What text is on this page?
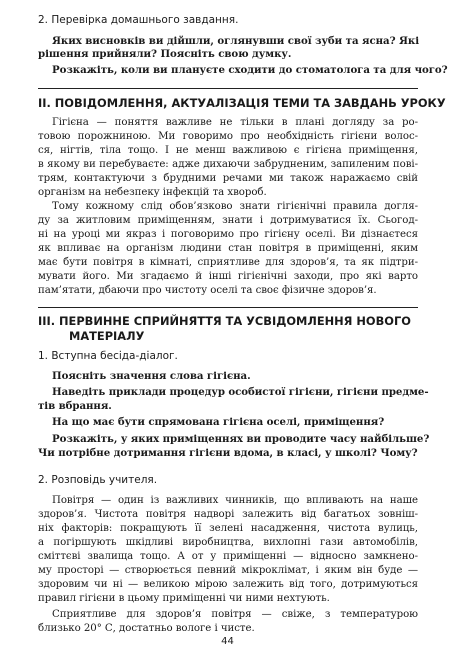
2. Перевірка домашнього завдання.
Яких висновків ви дійшли, оглянувши свої зуби та ясна? Які
рішення прийняли? Поясніть свою думку.
Розкажіть, коли ви плануєте сходити до стоматолога та для чого?
ІІ. ПОВІДОМЛЕННЯ, АКТУАЛІЗАЦІЯ ТЕМИ ТА ЗАВДАНЬ УРОКУ
Гігієна — поняття важливе не тільки в плані догляду за ро-
товою порожниною. Ми говоримо про необхідність гігієни волос-
ся, нігтів, тіла тощо. І не менш важливою є гігієна приміщення,
в якому ви перебуваєте: адже дихаючи забрудненим, запиленим пові-
трям, контактуючи з брудними речами ми також наражаємо свій
організм на небезпеку інфекцій та хвороб.
Тому кожному слід обов’язково знати гігієнічні правила догля-
ду за житловим приміщенням, знати і дотримуватися їх. Сьогод-
ні на уроці ми якраз і поговоримо про гігієну оселі. Ви дізнаєтеся
як впливає на організм людини стан повітря в приміщенні, яким
має бути повітря в кімнаті, сприятливе для здоров’я, та як підтри-
мувати його. Ми згадаємо й інші гігієнічні заходи, про які варто
пам’ятати, дбаючи про чистоту оселі та своє фізичне здоров’я.
ІІІ. ПЕРВИННЕ СПРИЙНЯТТЯ ТА УСВІДОМЛЕННЯ НОВОГО
МАТЕРІАЛУ
1. Вступна бесіда-діалог.
Поясніть значення слова гігієна.
Наведіть приклади процедур особистої гігієни, гігієни предме-
тів вбрання.
На що має бути спрямована гігієна оселі, приміщення?
Розкажіть, у яких приміщеннях ви проводите часу найбільше?
Чи потрібне дотримання гігієни вдома, в класі, у школі? Чому?
2. Розповідь учителя.
Повітря — один із важливих чинників, що впливають на наше
здоров’я. Чистота повітря надворі залежить від багатьох зовніш-
ніх факторів: покращують її зелені насадження, чистота вулиць,
а погіршують шкідливі виробництва, вихлопні гази автомобілів,
сміттєві звалища тощо. А от у приміщенні — відносно замкнено-
му просторі — створюється певний мікроклімат, і яким він буде —
здоровим чи ні — великою мірою залежить від того, дотримуються
правил гігієни в цьому приміщенні чи ними нехтують.
Сприятливе для здоров’я повітря — свіже, з температурою
близько 20° С, достатньо вологе і чисте.
44
